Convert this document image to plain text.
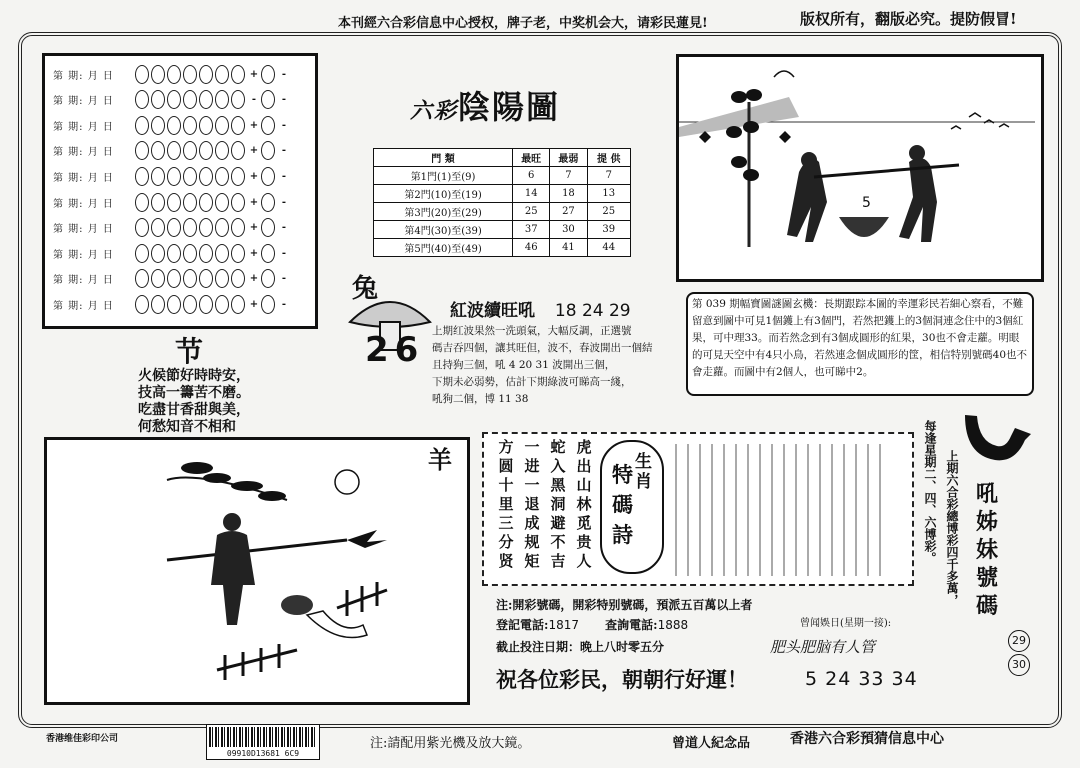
本刊經六合彩信息中心授权，牌子老，中奖机会大，请彩民蓮見!	版权所有，翻版必究。提防假冒!
第 期: 月 日	+	-
第 期: 月 日	-	-
第 期: 月 日	+	-
第 期: 月 日	+	-
第 期: 月 日	+	-
第 期: 月 日	+	-
第 期: 月 日	+	-
第 期: 月 日	+	-
第 期: 月 日	+	-
第 期: 月 日	+	-
六彩陰陽圖
門 類	最旺	最弱	提 供
第1門(1)至(9)	6	7	7
第2門(10)至(19)	14	18	13
第3門(20)至(29)	25	27	25
第4門(30)至(39)	37	30	39
第5門(40)至(49)	46	41	44
5
兔
26
紅波續旺吼 18 24 29
上期红波果然一洗頭氣，大幅反調，正選號
碼吉吞四個，讓其旺但，波不，春波開出一個結
且持狗三個，吼 4 20 31 波開出三個，
下期未必弱勢，估計下期綠波可睇高一綫，
吼狗二個，博 11 38
节
火候節好時時安，
技高一籌苦不磨。
吃盡甘香甜與美，
何愁知音不相和
第 039 期幅寶圖謎圖玄機：長期跟踪本圖的幸運彩民若細心察看，不難留意到圖中可見1個鑊上有3個門，若然把鑊上的3個洞連念住中的3個紅果，可中理33。而若然念到有3個成圓形的紅果，30也不會走蘿。明眼的可見天空中有4只小鳥，若然連念個成圓形的筐，相信特别號碼40也不會走蘿。而圖中有2個人，也可睇中2。
羊	方圆十里三分贤
一进一退成规矩
蛇入黑洞避不吉
虎出山林觅贵人
生肖
特碼詩	每逢星期二、四、六博彩。 上期六合彩總博彩四千多萬， 吼姊妹號碼
29
30
注:開彩號碼，開彩特别號碼，預派五百萬以上者
登記電話:1817 查詢電話:1888
截止投注日期：晚上八时零五分
曾闻娛日(星期一接):
肥头肥脑有人管
祝各位彩民，朝朝行好運！	5 24 33 34
香港维佳彩印公司
09910D13681 6C9
注:請配用紫光機及放大鏡。	曾道人紀念品	香港六合彩預猜信息中心
